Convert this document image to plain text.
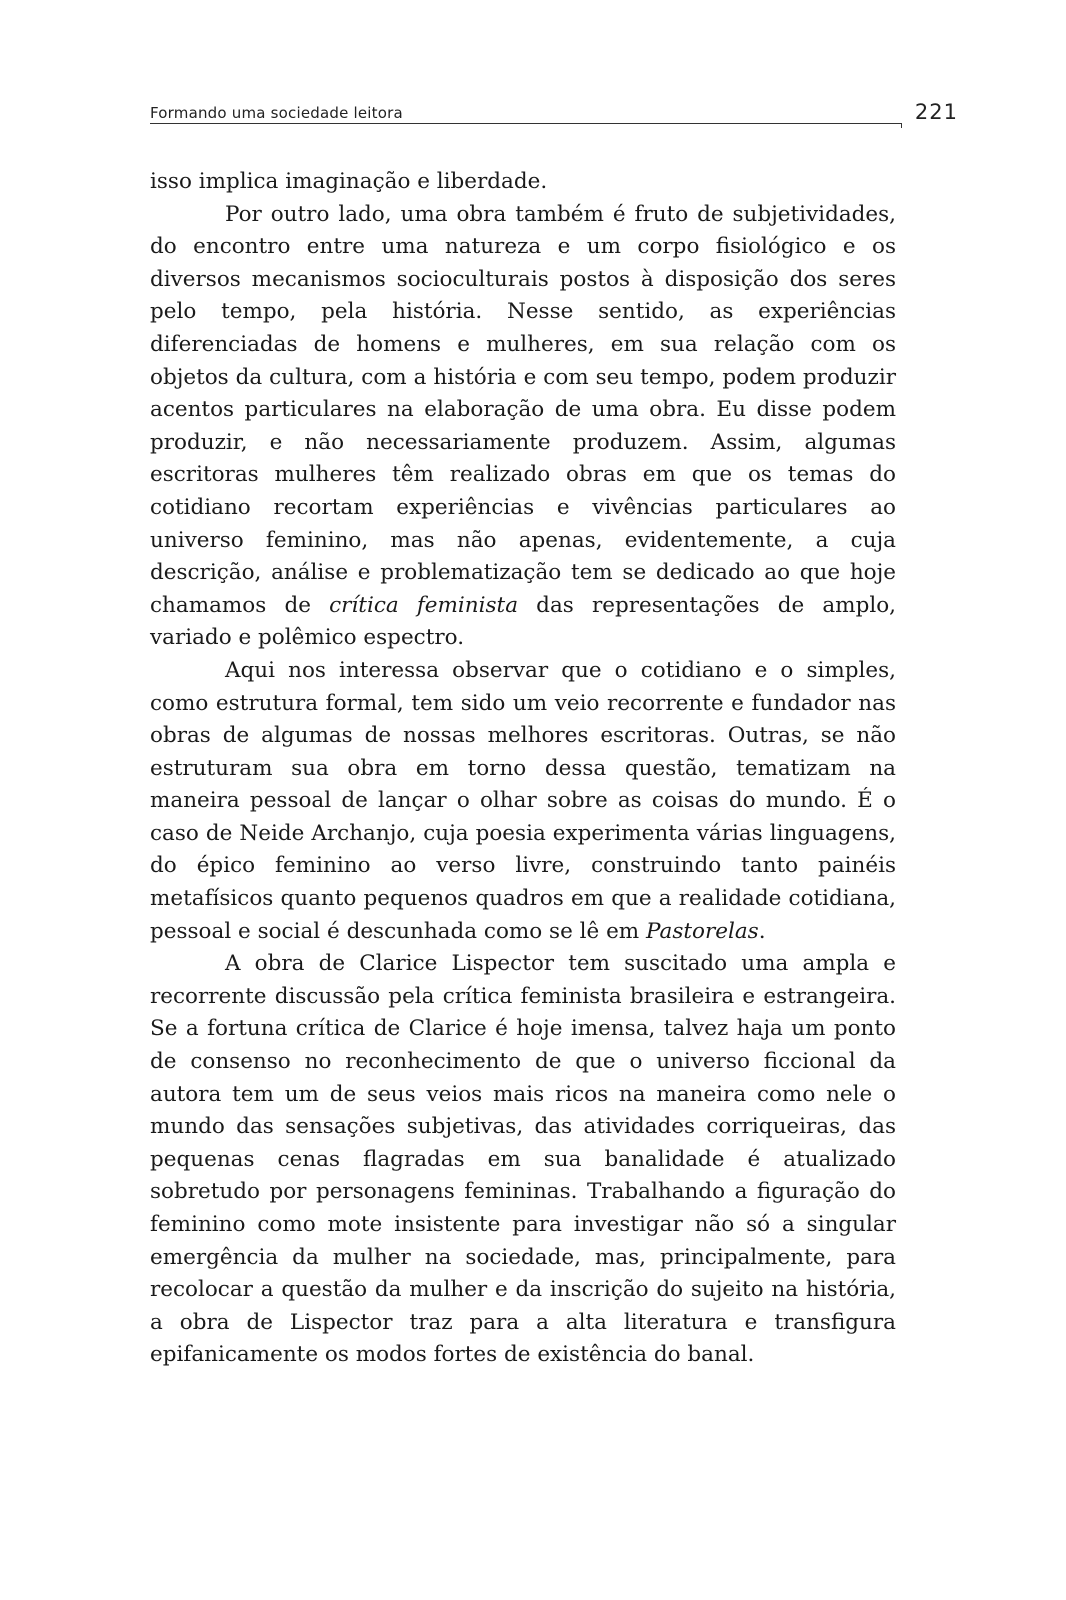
Formando uma sociedade leitora	221

isso implica imaginação e liberdade.

Por outro lado, uma obra também é fruto de subjetividades, do encontro entre uma natureza e um corpo fisiológico e os diversos mecanismos socioculturais postos à disposição dos seres pelo tempo, pela história. Nesse sentido, as experiências diferenciadas de homens e mulheres, em sua relação com os objetos da cultura, com a história e com seu tempo, podem produzir acentos particulares na elaboração de uma obra. Eu disse podem produzir, e não necessariamente produzem. Assim, algumas escritoras mulheres têm realizado obras em que os temas do cotidiano recortam experiências e vivências particulares ao universo feminino, mas não apenas, evidentemente, a cuja descrição, análise e problematização tem se dedicado ao que hoje chamamos de crítica feminista das representações de amplo, variado e polêmico espectro.

Aqui nos interessa observar que o cotidiano e o simples, como estrutura formal, tem sido um veio recorrente e fundador nas obras de algumas de nossas melhores escritoras. Outras, se não estruturam sua obra em torno dessa questão, tematizam na maneira pessoal de lançar o olhar sobre as coisas do mundo. É o caso de Neide Archanjo, cuja poesia experimenta várias linguagens, do épico feminino ao verso livre, construindo tanto painéis metafísicos quanto pequenos quadros em que a realidade cotidiana, pessoal e social é descunhada como se lê em Pastorelas.

A obra de Clarice Lispector tem suscitado uma ampla e recorrente discussão pela crítica feminista brasileira e estrangeira. Se a fortuna crítica de Clarice é hoje imensa, talvez haja um ponto de consenso no reconhecimento de que o universo ficcional da autora tem um de seus veios mais ricos na maneira como nele o mundo das sensações subjetivas, das atividades corriqueiras, das pequenas cenas flagradas em sua banalidade é atualizado sobretudo por personagens femininas. Trabalhando a figuração do feminino como mote insistente para investigar não só a singular emergência da mulher na sociedade, mas, principalmente, para recolocar a questão da mulher e da inscrição do sujeito na história, a obra de Lispector traz para a alta literatura e transfigura epifanicamente os modos fortes de existência do banal.
